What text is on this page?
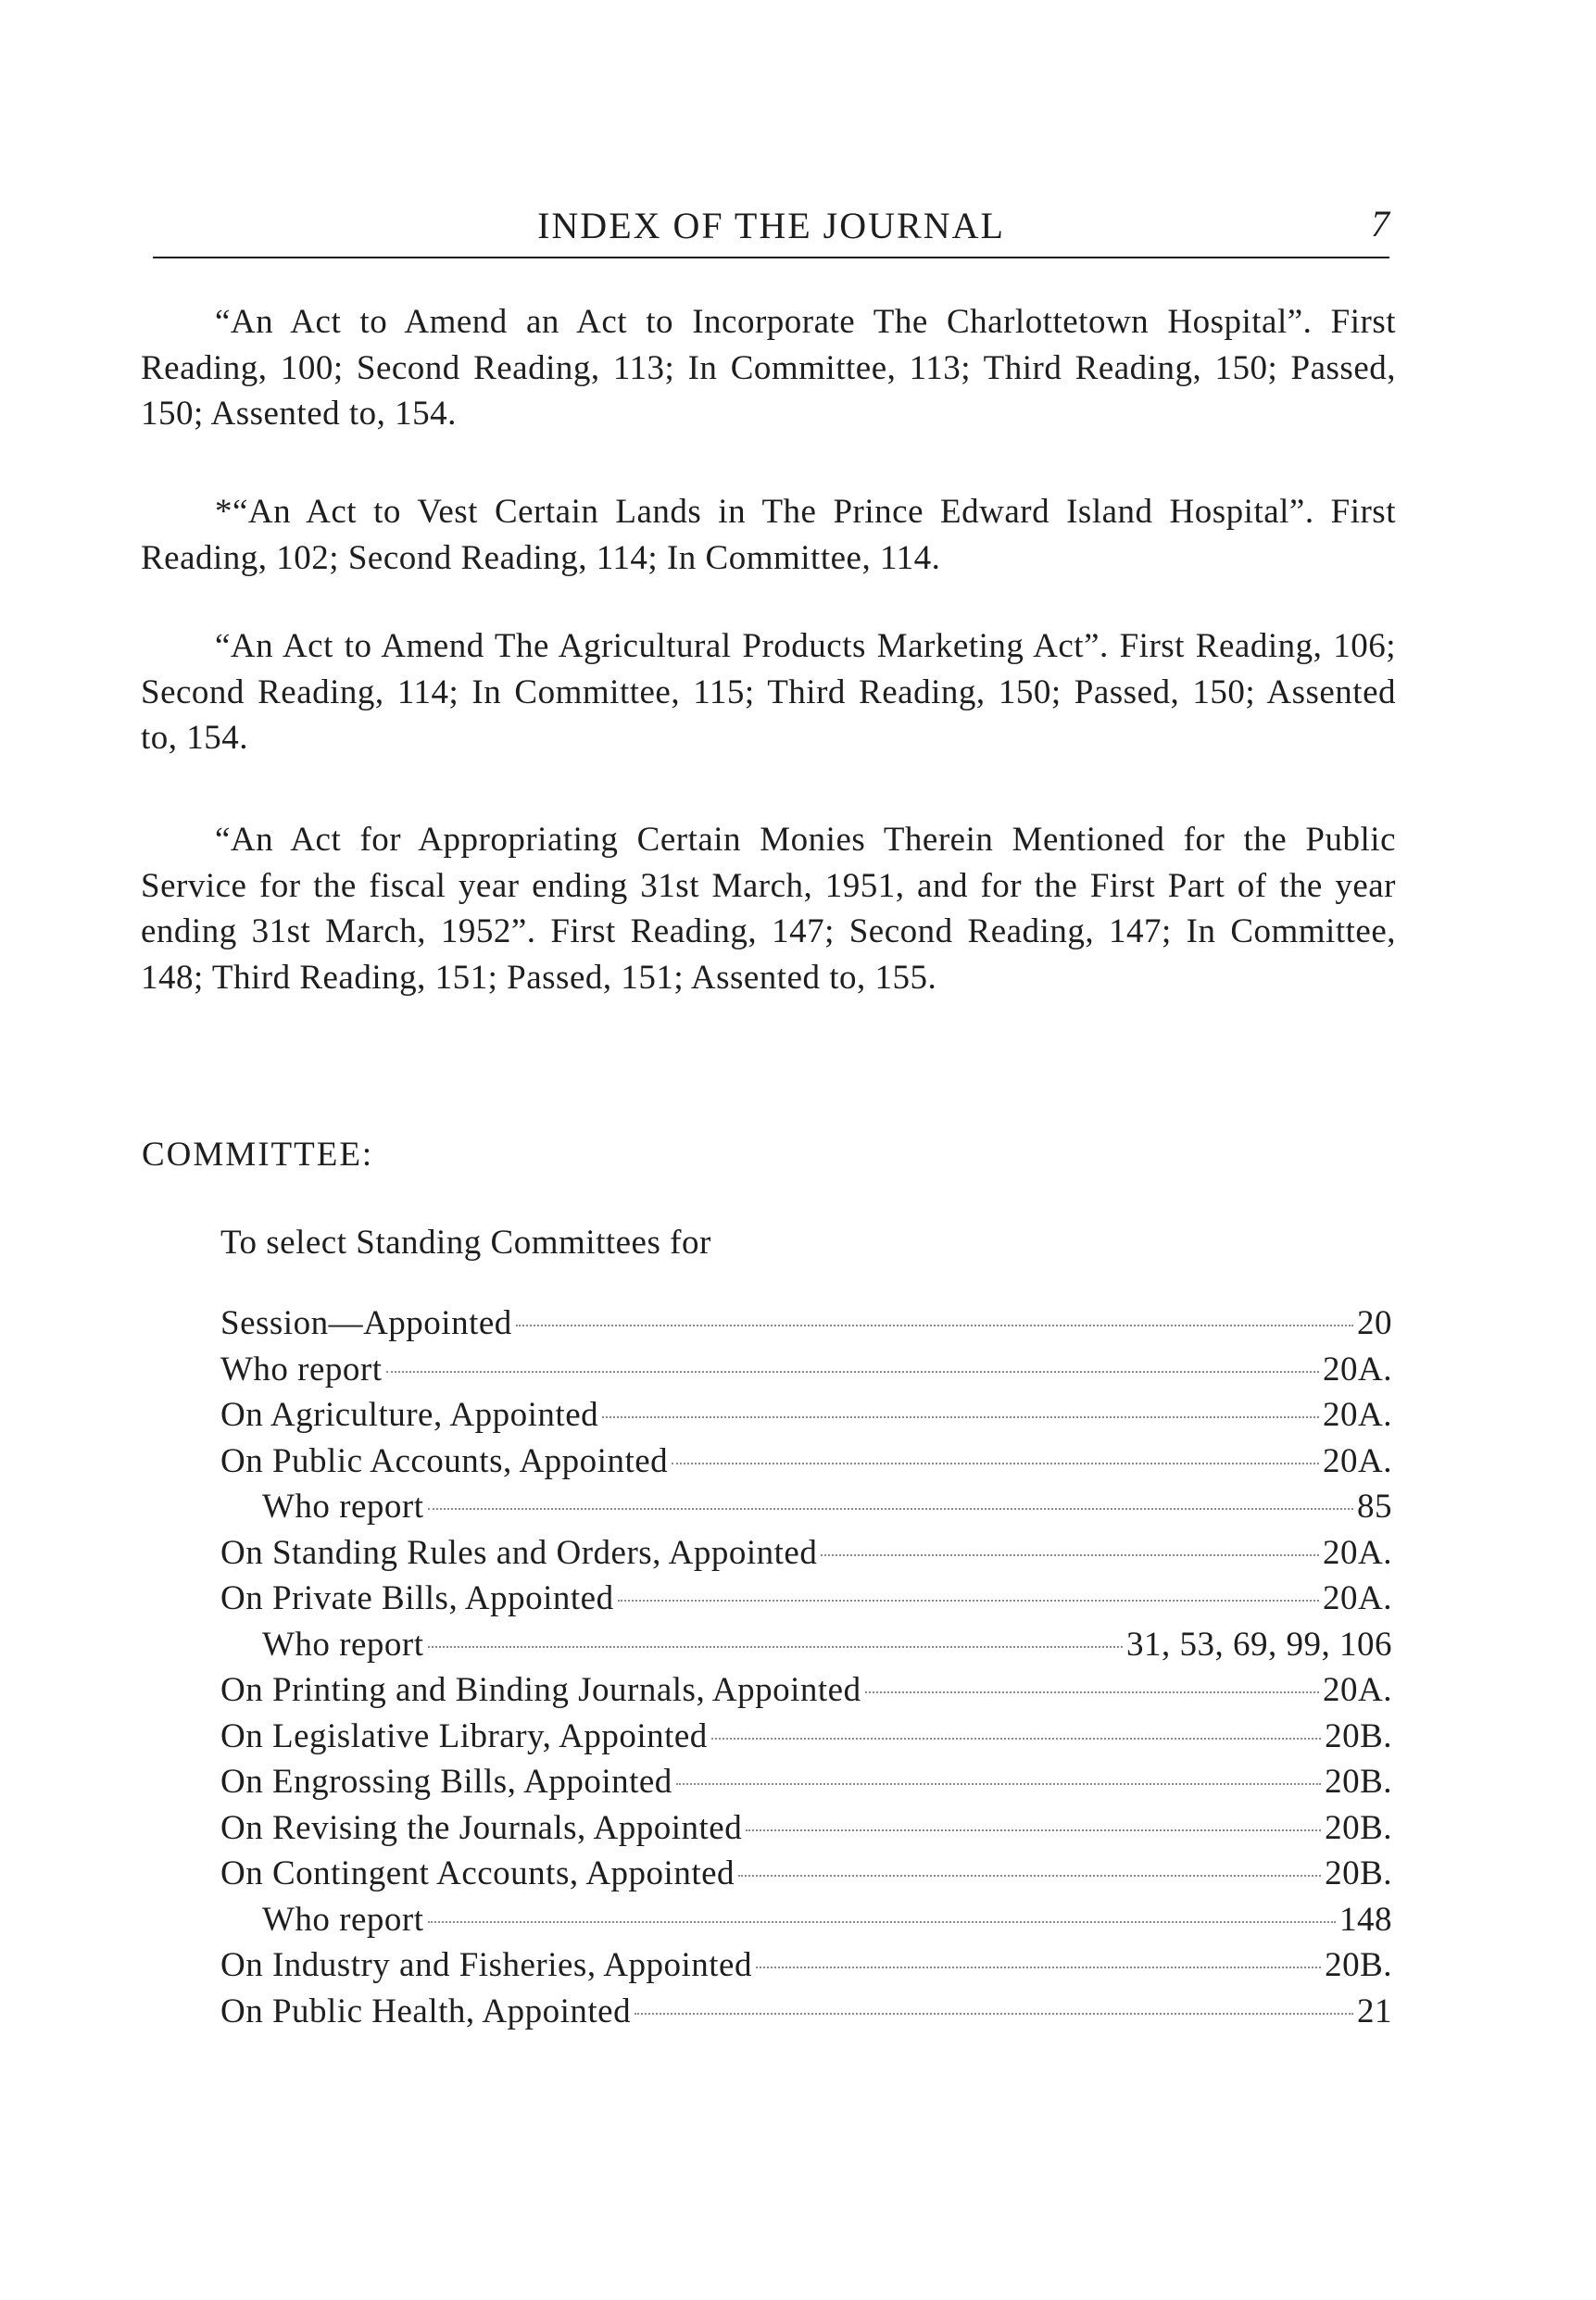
INDEX OF THE JOURNAL	7

“An Act to Amend an Act to Incorporate The Charlottetown Hospital”. First Reading, 100; Second Reading, 113; In Committee, 113; Third Reading, 150; Passed, 150; Assented to, 154.

*“An Act to Vest Certain Lands in The Prince Edward Island Hospital”. First Reading, 102; Second Reading, 114; In Committee, 114.

“An Act to Amend The Agricultural Products Marketing Act”. First Reading, 106; Second Reading, 114; In Committee, 115; Third Reading, 150; Passed, 150; Assented to, 154.

“An Act for Appropriating Certain Monies Therein Mentioned for the Public Service for the fiscal year ending 31st March, 1951, and for the First Part of the year ending 31st March, 1952”. First Reading, 147; Second Reading, 147; In Committee, 148; Third Reading, 151; Passed, 151; Assented to, 155.

COMMITTEE:

To select Standing Committees for

Session—Appointed	20
Who report	20A.
On Agriculture, Appointed	20A.
On Public Accounts, Appointed	20A.
Who report	85
On Standing Rules and Orders, Appointed	20A.
On Private Bills, Appointed	20A.
Who report	31, 53, 69, 99, 106
On Printing and Binding Journals, Appointed	20A.
On Legislative Library, Appointed	20B.
On Engrossing Bills, Appointed	20B.
On Revising the Journals, Appointed	20B.
On Contingent Accounts, Appointed	20B.
Who report	148
On Industry and Fisheries, Appointed	20B.
On Public Health, Appointed	21
